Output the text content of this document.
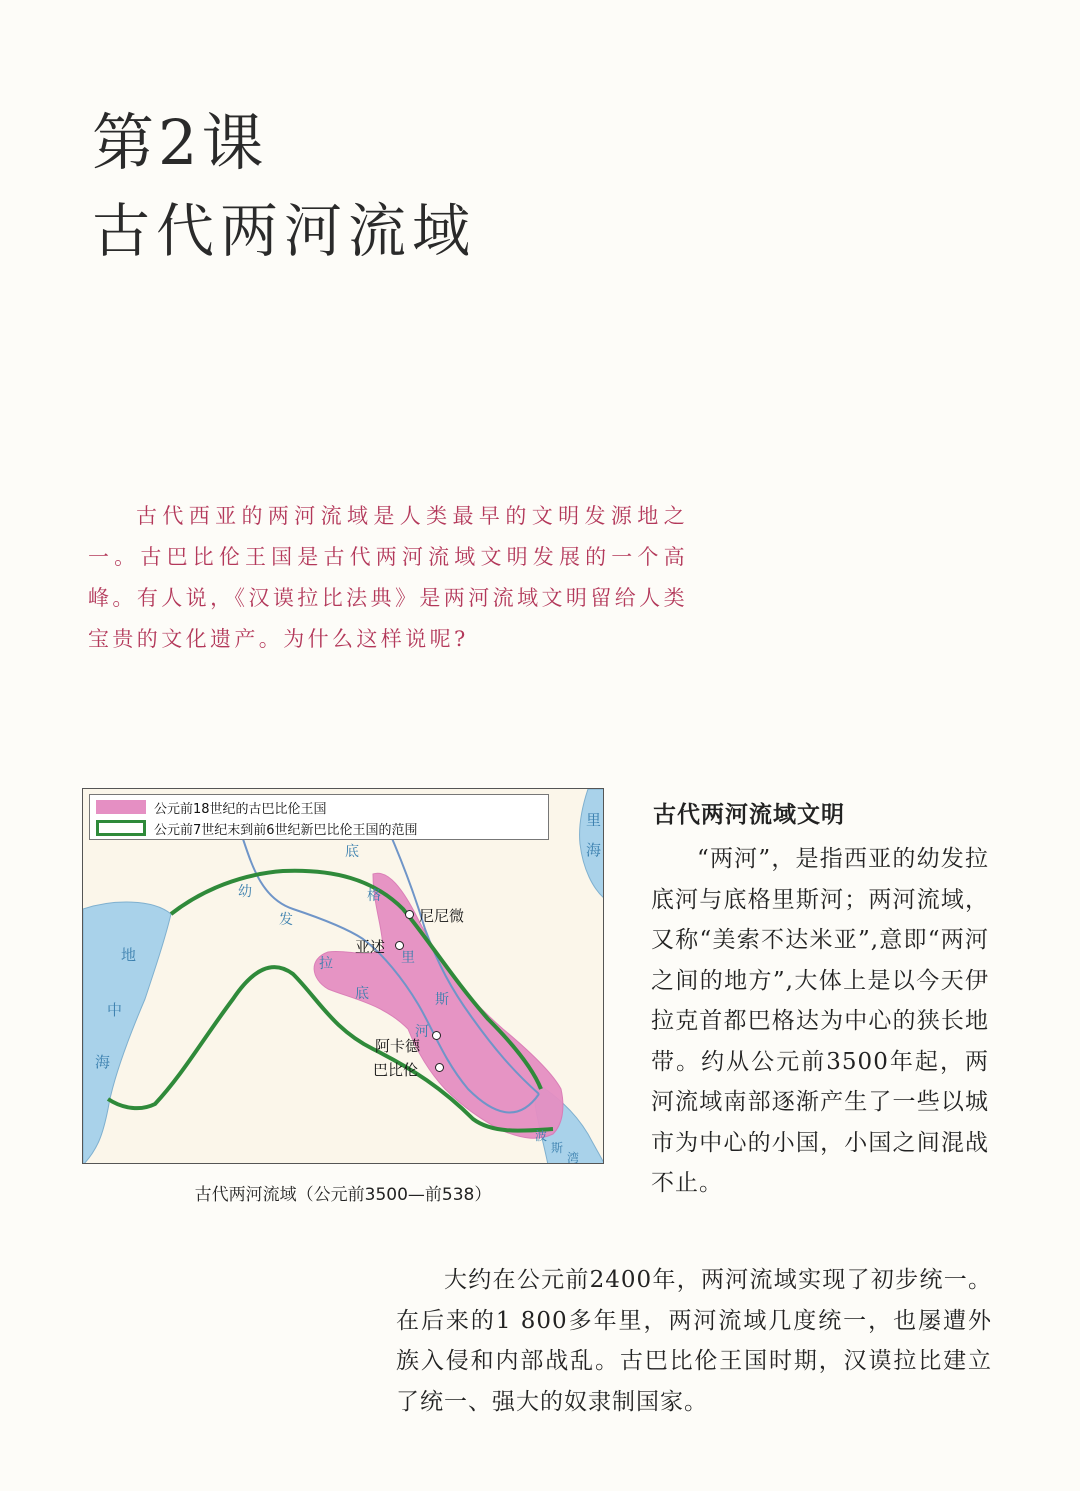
第2课
古代两河流域
古代西亚的两河流域是人类最早的文明发源地之一。古巴比伦王国是古代两河流域文明发展的一个高峰。有人说，《汉谟拉比法典》是两河流域文明留给人类宝贵的文化遗产。为什么这样说呢?
公元前18世纪的古巴比伦王国
公元前7世纪末到前6世纪新巴比伦王国的范围
地
中
海
里
海
波
斯
湾
幼
发
拉
底
底
格
里
斯
河
尼尼微
亚述
阿卡德
巴比伦
古代两河流域（公元前3500—前538）
古代两河流域文明
“两河”，是指西亚的幼发拉底河与底格里斯河；两河流域，又称“美索不达米亚”,意即“两河之间的地方”,大体上是以今天伊拉克首都巴格达为中心的狭长地带。约从公元前3500年起，两河流域南部逐渐产生了一些以城市为中心的小国，小国之间混战不止。
大约在公元前2400年，两河流域实现了初步统一。在后来的1 800多年里，两河流域几度统一，也屡遭外族入侵和内部战乱。古巴比伦王国时期，汉谟拉比建立了统一、强大的奴隶制国家。
